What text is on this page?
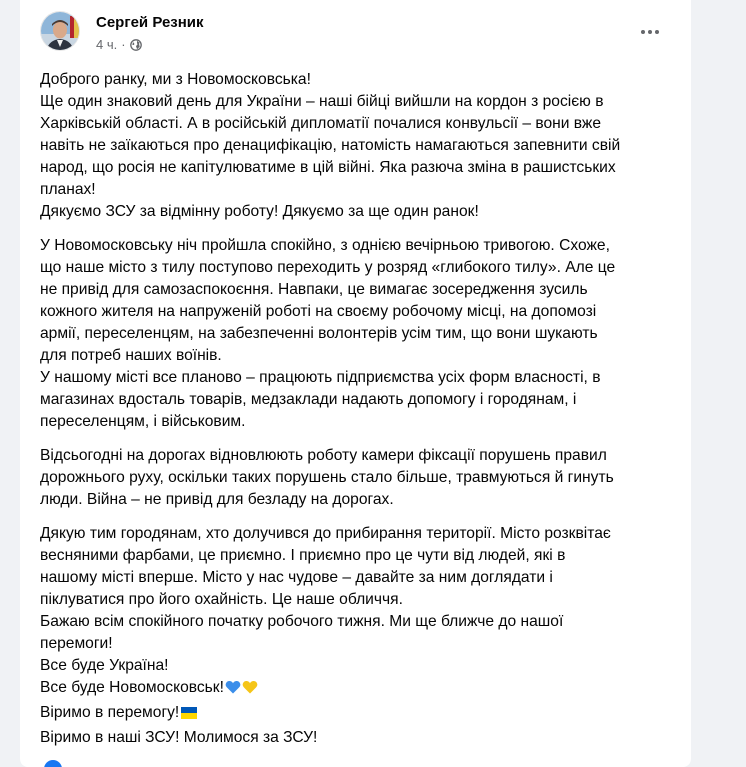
Сергей Резник
4 ч. ·
Доброго ранку, ми з Новомосковська!
Ще один знаковий день для України – наші бійці вийшли на кордон з росією в
Харківській області. А в російській дипломатії почалися конвульсії – вони вже
навіть не заїкаються про денацифікацію, натомість намагаються запевнити свій
народ, що росія не капітулюватиме в цій війні. Яка разюча зміна в рашистських
планах!
Дякуємо ЗСУ за відмінну роботу! Дякуємо за ще один ранок!
У Новомосковську ніч пройшла спокійно, з однією вечірньою тривогою. Схоже,
що наше місто з тилу поступово переходить у розряд «глибокого тилу». Але це
не привід для самозаспокоєння. Навпаки, це вимагає зосередження зусиль
кожного жителя на напруженій роботі на своєму робочому місці, на допомозі
армії, переселенцям, на забезпеченні волонтерів усім тим, що вони шукають
для потреб наших воїнів.
У нашому місті все планово – працюють підприємства усіх форм власності, в
магазинах вдосталь товарів, медзаклади надають допомогу і городянам, і
переселенцям, і військовим.
Відсьогодні на дорогах відновлюють роботу камери фіксації порушень правил
дорожнього руху, оскільки таких порушень стало більше, травмуються й гинуть
люди. Війна – не привід для безладу на дорогах.
Дякую тим городянам, хто долучився до прибирання території. Місто розквітає
весняними фарбами, це приємно. І приємно про це чути від людей, які в
нашому місті вперше. Місто у нас чудове – давайте за ним доглядати і
піклуватися про його охайність. Це наше обличчя.
Бажаю всім спокійного початку робочого тижня. Ми ще ближче до нашої
перемоги!
Все буде Україна!
Все буде Новомосковськ!
Віримо в перемогу!
Віримо в наші ЗСУ! Молимося за ЗСУ!
